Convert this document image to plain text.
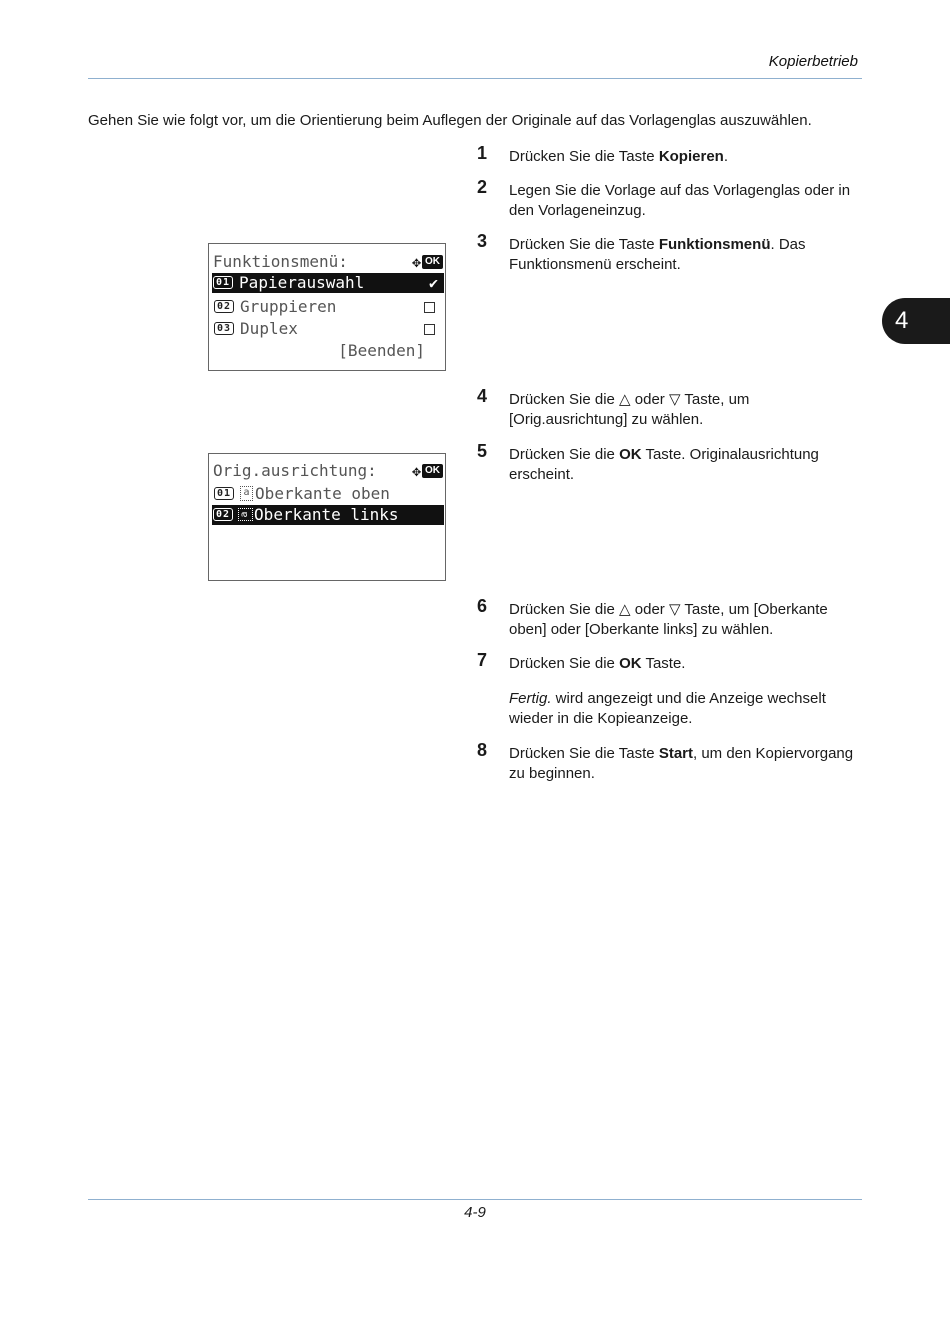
Kopierbetrieb
Gehen Sie wie folgt vor, um die Orientierung beim Auflegen der Originale auf das Vorlagenglas auszuwählen.
4
1 Drücken Sie die Taste Kopieren.
2 Legen Sie die Vorlage auf das Vorlagenglas oder in den Vorlageneinzug.
3 Drücken Sie die Taste Funktionsmenü. Das Funktionsmenü erscheint.
4 Drücken Sie die △ oder ▽ Taste, um [Orig.ausrichtung] zu wählen.
5 Drücken Sie die OK Taste. Originalausrichtung erscheint.
6 Drücken Sie die △ oder ▽ Taste, um [Oberkante oben] oder [Oberkante links] zu wählen.
7 Drücken Sie die OK Taste.
Fertig. wird angezeigt und die Anzeige wechselt wieder in die Kopieanzeige.
8 Drücken Sie die Taste Start, um den Kopiervorgang zu beginnen.
Funktionsmenü:	✥ OK
01 Papierauswahl	✔
02 Gruppieren
03 Duplex
[Beenden]
Orig.ausrichtung: ✥ OK
01 a Oberkante oben
02 a Oberkante links
4-9
